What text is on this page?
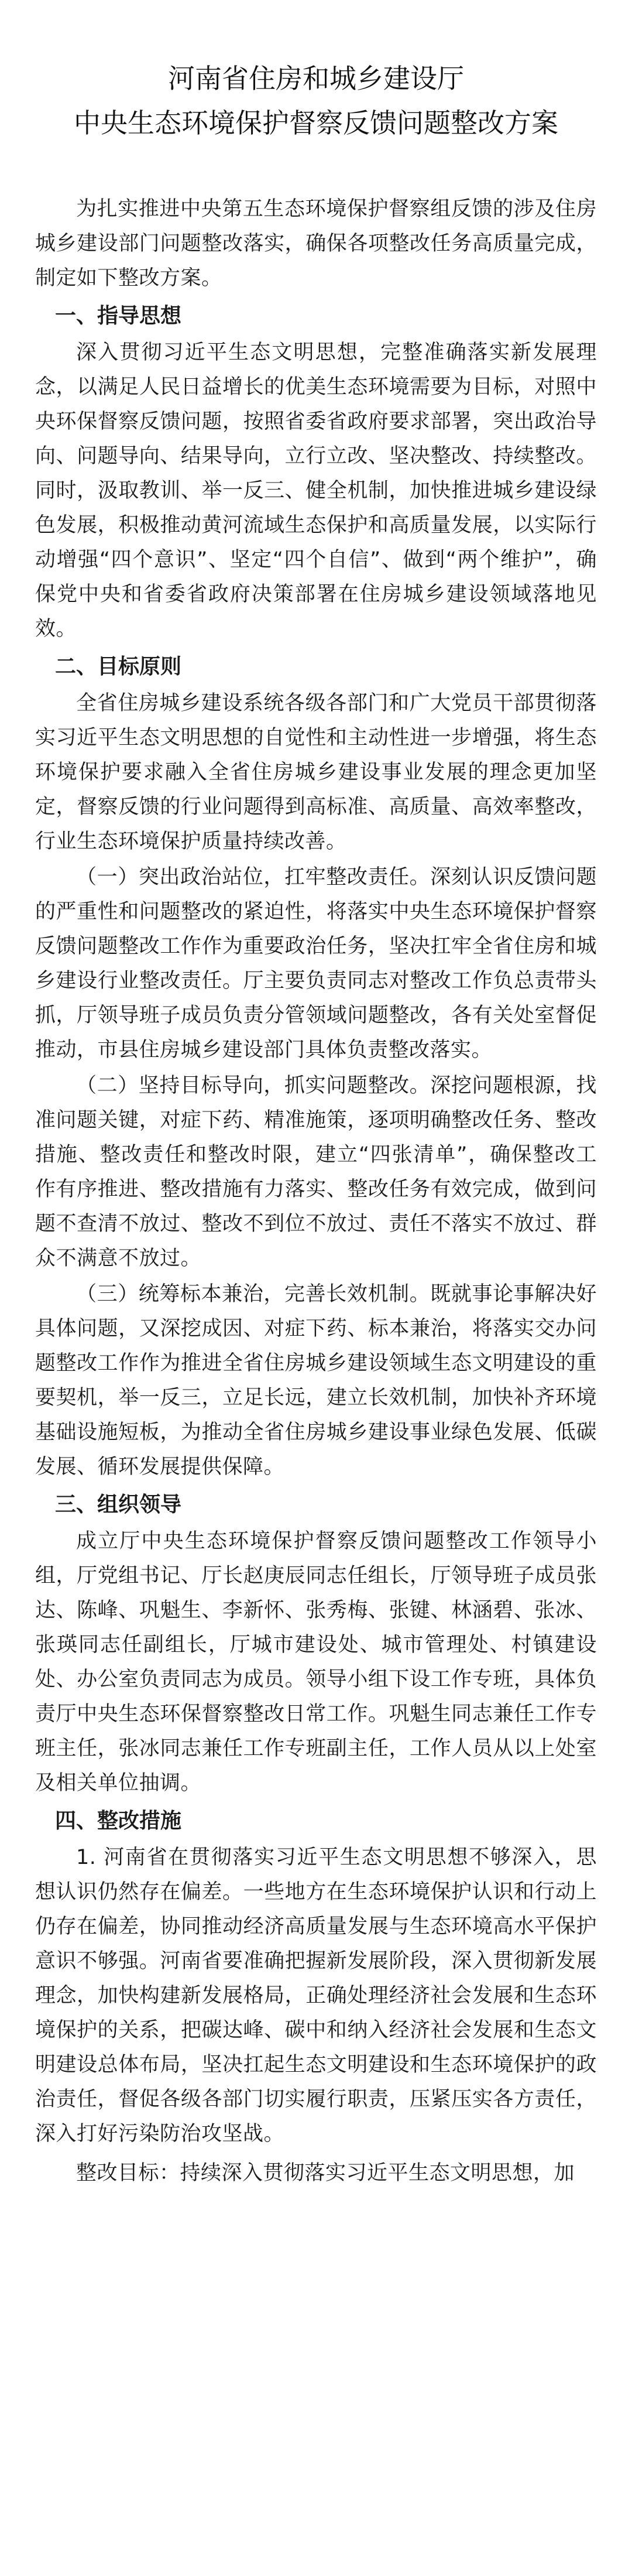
河南省住房和城乡建设厅
中央生态环境保护督察反馈问题整改方案

为扎实推进中央第五生态环境保护督察组反馈的涉及住房城乡建设部门问题整改落实，确保各项整改任务高质量完成，制定如下整改方案。

一、指导思想

深入贯彻习近平生态文明思想，完整准确落实新发展理念，以满足人民日益增长的优美生态环境需要为目标，对照中央环保督察反馈问题，按照省委省政府要求部署，突出政治导向、问题导向、结果导向，立行立改、坚决整改、持续整改。同时，汲取教训、举一反三、健全机制，加快推进城乡建设绿色发展，积极推动黄河流域生态保护和高质量发展，以实际行动增强“四个意识”、坚定“四个自信”、做到“两个维护”，确保党中央和省委省政府决策部署在住房城乡建设领域落地见效。

二、目标原则

全省住房城乡建设系统各级各部门和广大党员干部贯彻落实习近平生态文明思想的自觉性和主动性进一步增强，将生态环境保护要求融入全省住房城乡建设事业发展的理念更加坚定，督察反馈的行业问题得到高标准、高质量、高效率整改，行业生态环境保护质量持续改善。

（一）突出政治站位，扛牢整改责任。深刻认识反馈问题的严重性和问题整改的紧迫性，将落实中央生态环境保护督察反馈问题整改工作作为重要政治任务，坚决扛牢全省住房和城乡建设行业整改责任。厅主要负责同志对整改工作负总责带头抓，厅领导班子成员负责分管领域问题整改，各有关处室督促推动，市县住房城乡建设部门具体负责整改落实。

（二）坚持目标导向，抓实问题整改。深挖问题根源，找准问题关键，对症下药、精准施策，逐项明确整改任务、整改措施、整改责任和整改时限，建立“四张清单”，确保整改工作有序推进、整改措施有力落实、整改任务有效完成，做到问题不查清不放过、整改不到位不放过、责任不落实不放过、群众不满意不放过。

（三）统筹标本兼治，完善长效机制。既就事论事解决好具体问题，又深挖成因、对症下药、标本兼治，将落实交办问题整改工作作为推进全省住房城乡建设领域生态文明建设的重要契机，举一反三，立足长远，建立长效机制，加快补齐环境基础设施短板，为推动全省住房城乡建设事业绿色发展、低碳发展、循环发展提供保障。

三、组织领导

成立厅中央生态环境保护督察反馈问题整改工作领导小组，厅党组书记、厅长赵庚辰同志任组长，厅领导班子成员张达、陈峰、巩魁生、李新怀、张秀梅、张键、林涵碧、张冰、张瑛同志任副组长，厅城市建设处、城市管理处、村镇建设处、办公室负责同志为成员。领导小组下设工作专班，具体负责厅中央生态环保督察整改日常工作。巩魁生同志兼任工作专班主任，张冰同志兼任工作专班副主任，工作人员从以上处室及相关单位抽调。

四、整改措施

1. 河南省在贯彻落实习近平生态文明思想不够深入，思想认识仍然存在偏差。一些地方在生态环境保护认识和行动上仍存在偏差，协同推动经济高质量发展与生态环境高水平保护意识不够强。河南省要准确把握新发展阶段，深入贯彻新发展理念，加快构建新发展格局，正确处理经济社会发展和生态环境保护的关系，把碳达峰、碳中和纳入经济社会发展和生态文明建设总体布局，坚决扛起生态文明建设和生态环境保护的政治责任，督促各级各部门切实履行职责，压紧压实各方责任，深入打好污染防治攻坚战。

整改目标：持续深入贯彻落实习近平生态文明思想，加
